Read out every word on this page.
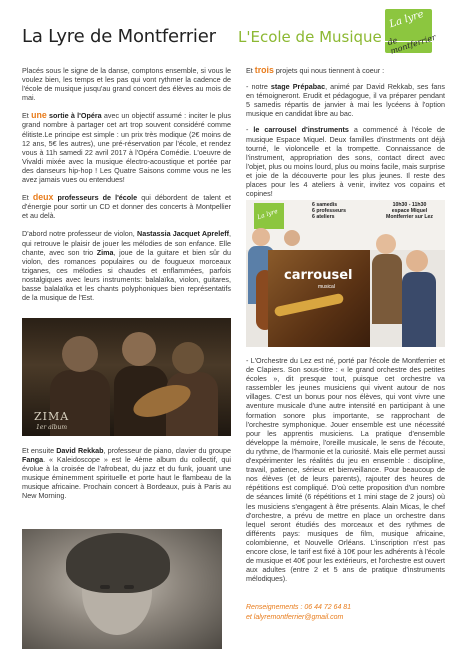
La Lyre de Montferrier L'Ecole de Musique
La lyre
de montferrier

Placés sous le signe de la danse, comptons ensemble, si vous le voulez bien, les temps et les pas qui vont rythmer la cadence de l'école de musique jusqu'au grand concert des élèves au mois de mai.

Et une sortie à l'Opéra avec un objectif assumé : inciter le plus grand nombre à partager cet art trop souvent considéré comme élitiste.Le principe est simple : un prix très modique (2€ moins de 12 ans, 5€ les autres), une pré-réservation par l'école, et rendez vous à 11h samedi 22 avril 2017 à l'Opéra Comédie. L'oeuvre de Vivaldi mixée avec la musique électro-acoustique et portée par des danseurs hip-hop ! Les Quatre Saisons comme vous ne les avez jamais vues ou entendues!

Et deux professeurs de l'école qui débordent de talent et d'énergie pour sortir un CD et donner des concerts à Montpellier et au delà.

D'abord notre professeur de violon, Nastassia Jacquet Apreleff, qui retrouve le plaisir de jouer les mélodies de son enfance. Elle chante, avec son trio Zima, joue de la guitare et bien sûr du violon, des romances populaires ou de fougueux morceaux tziganes, ces mélodies si chaudes et enflammées, parfois nostalgiques avec leurs instruments: balalaïka, violon, guitares, basse balalaïka et les chants polyphoniques bien représentatifs de la musique de l'Est.

ZIMA
1er album

Et ensuite David Rekkab, professeur de piano, clavier du groupe Fanga. « Kaleidoscope » est le 4ème album du collectif, qui évolue à la croisée de l'afrobeat, du jazz et du funk, jouant une musique éminemment spirituelle et porte haut le flambeau de la musique africaine. Prochain concert à Bordeaux, puis à Paris au New Morning.

Et trois projets qui nous tiennent à coeur :

- notre stage Prépabac, animé par David Rekkab, ses fans en témoigneront. Erudit et pédagogue, il va préparer pendant 5 samedis répartis de janvier à mai les lycéens à l'option musique en candidat libre au bac.

- le carrousel d'instruments a commencé à l'école de musique Espace Miquel. Deux familles d'instrments ont déjà tourné, le violoncelle et la trompette. Connaissance de l'instrument, appropriation des sons, contact direct avec l'objet, plus ou moins lourd, plus ou moins facile, mais surprise et joie de la découverte pour les plus jeunes. Il reste des places pour les 4 ateliers à venir, invitez vos copains et copines!

La lyre
6 samedis
6 professeurs
6 ateliers
10h30 - 11h30
espace Miquel
Montferrier sur Lez
carrousel
musical

- L'Orchestre du Lez est né, porté par l'école de Montferrier et de Clapiers. Son sous-titre : « le grand orchestre des petites écoles », dit presque tout, puisque cet orchestre va rassembler les jeunes musiciens qui vivent autour de nos villages. C'est un bonus pour nos élèves, qui vont vivre une aventure musicale d'une autre intensité en participant à une formation sonore plus importante, se rapprochant de l'orchestre symphonique. Jouer ensemble est une nécessité pour les apprentis musiciens. La pratique d'ensemble développe la mémoire, l'oreille musicale, le sens de l'écoute, du rythme, de l'harmonie et la curiosité. Mais elle permet aussi d'expérimenter les réalités du jeu en ensemble : discipline, travail, patience, sérieux et bienveillance. Pour beaucoup de nos élèves (et de leurs parents), rajouter des heures de répétitions est compliqué. D'où cette proposition d'un nombre de séances limité (6 répétitions et 1 mini stage de 2 jours) où les musiciens s'engagent à être présents. Alain Micas, le chef d'orchestre, a prévu de mettre en place un orchestre dans lequel seront étudiés des morceaux et des rythmes de différents pays: musiques de film, musique africaine, colombienne, et Nouvelle Orléans. L'inscription n'est pas encore close, le tarif est fixé à 10€ pour les adhérents à l'école de musique et 40€ pour les extérieurs, et l'orchestre est ouvert aux adultes (entre 2 et 5 ans de pratique d'instruments mélodiques).

Renseignements : 06 44 72 64 81
et lalyremontferrier@gmail.com
